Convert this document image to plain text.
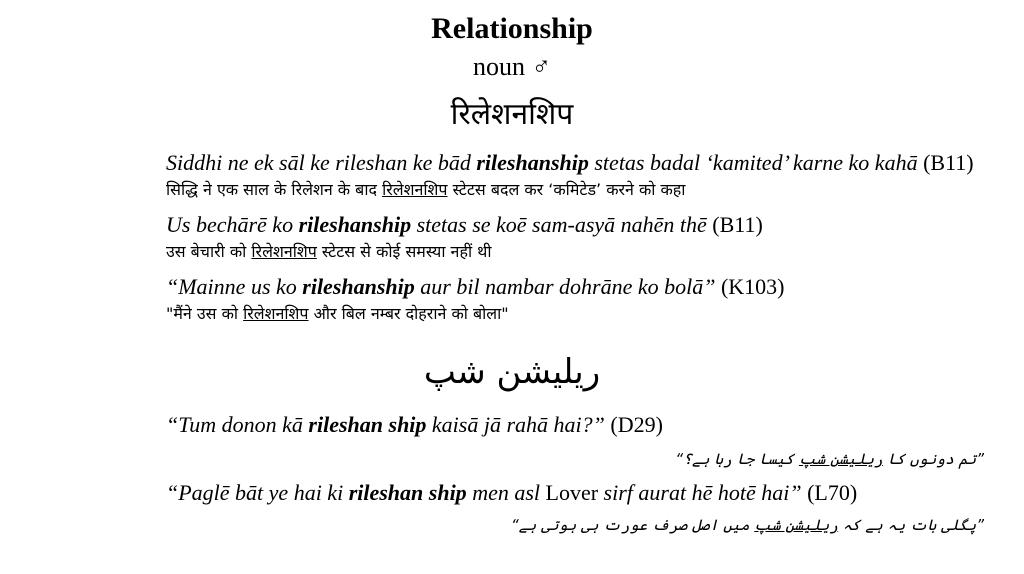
Relationship
noun ♂
रिलेशनशिप
Siddhi ne ek sāl ke rileshan ke bād rileshanship stetas badal ‘kamited’ karne ko kahā (B11)
सिद्धि ने एक साल के रिलेशन के बाद रिलेशनशिप स्टेटस बदल कर ‘कमिटेड’ करने को कहा
Us bechārē ko rileshanship stetas se koē sam-asyā nahēn thē (B11)
उस बेचारी को रिलेशनशिप स्टेटस से कोई समस्या नहीं थी
“Mainne us ko rileshanship aur bil nambar dohrāne ko bolā” (K103)
"मैंने उस को रिलेशनशिप और बिल नम्बर दोहराने को बोला"
ریلیشن شپ
“Tum donon kā rileshan ship kaisā jā rahā hai?” (D29)
”تم دونوں کا ریلیشن شپ کیسا جا رہا ہے؟“
“Paglē bāt ye hai ki rileshan ship men asl Lover sirf aurat hē hotē hai” (L70)
”پگلی بات یہ ہے کہ ریلیشن شپ میں اصل صرف عورت ہی ہوتی ہے“
